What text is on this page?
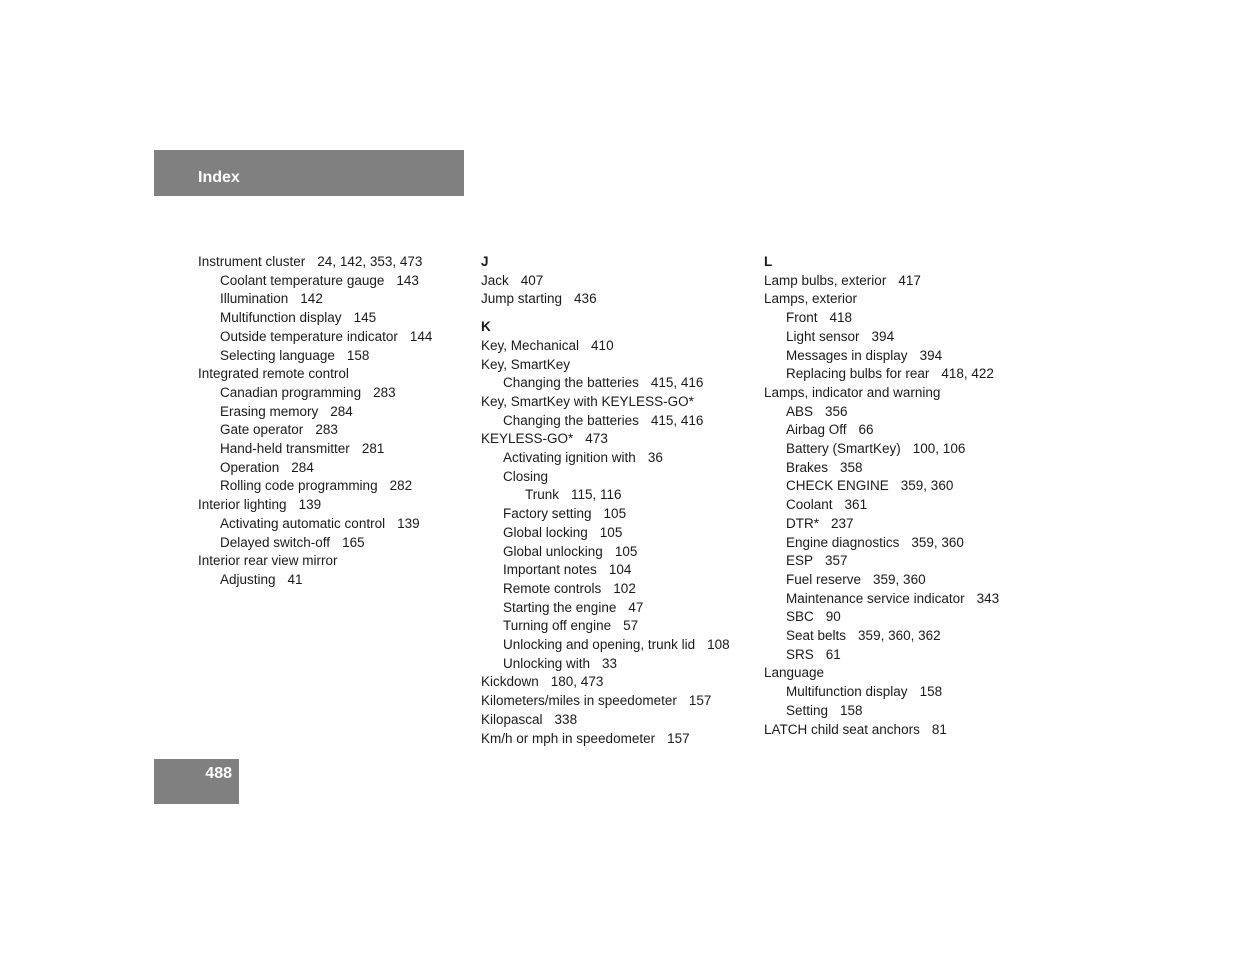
Index
Instrument cluster 24, 142, 353, 473
Coolant temperature gauge 143
Illumination 142
Multifunction display 145
Outside temperature indicator 144
Selecting language 158
Integrated remote control
Canadian programming 283
Erasing memory 284
Gate operator 283
Hand-held transmitter 281
Operation 284
Rolling code programming 282
Interior lighting 139
Activating automatic control 139
Delayed switch-off 165
Interior rear view mirror
Adjusting 41
J
Jack 407
Jump starting 436
K
Key, Mechanical 410
Key, SmartKey
Changing the batteries 415, 416
Key, SmartKey with KEYLESS-GO*
Changing the batteries 415, 416
KEYLESS-GO* 473
Activating ignition with 36
Closing
Trunk 115, 116
Factory setting 105
Global locking 105
Global unlocking 105
Important notes 104
Remote controls 102
Starting the engine 47
Turning off engine 57
Unlocking and opening, trunk lid 108
Unlocking with 33
Kickdown 180, 473
Kilometers/miles in speedometer 157
Kilopascal 338
Km/h or mph in speedometer 157
L
Lamp bulbs, exterior 417
Lamps, exterior
Front 418
Light sensor 394
Messages in display 394
Replacing bulbs for rear 418, 422
Lamps, indicator and warning
ABS 356
Airbag Off 66
Battery (SmartKey) 100, 106
Brakes 358
CHECK ENGINE 359, 360
Coolant 361
DTR* 237
Engine diagnostics 359, 360
ESP 357
Fuel reserve 359, 360
Maintenance service indicator 343
SBC 90
Seat belts 359, 360, 362
SRS 61
Language
Multifunction display 158
Setting 158
LATCH child seat anchors 81
488
